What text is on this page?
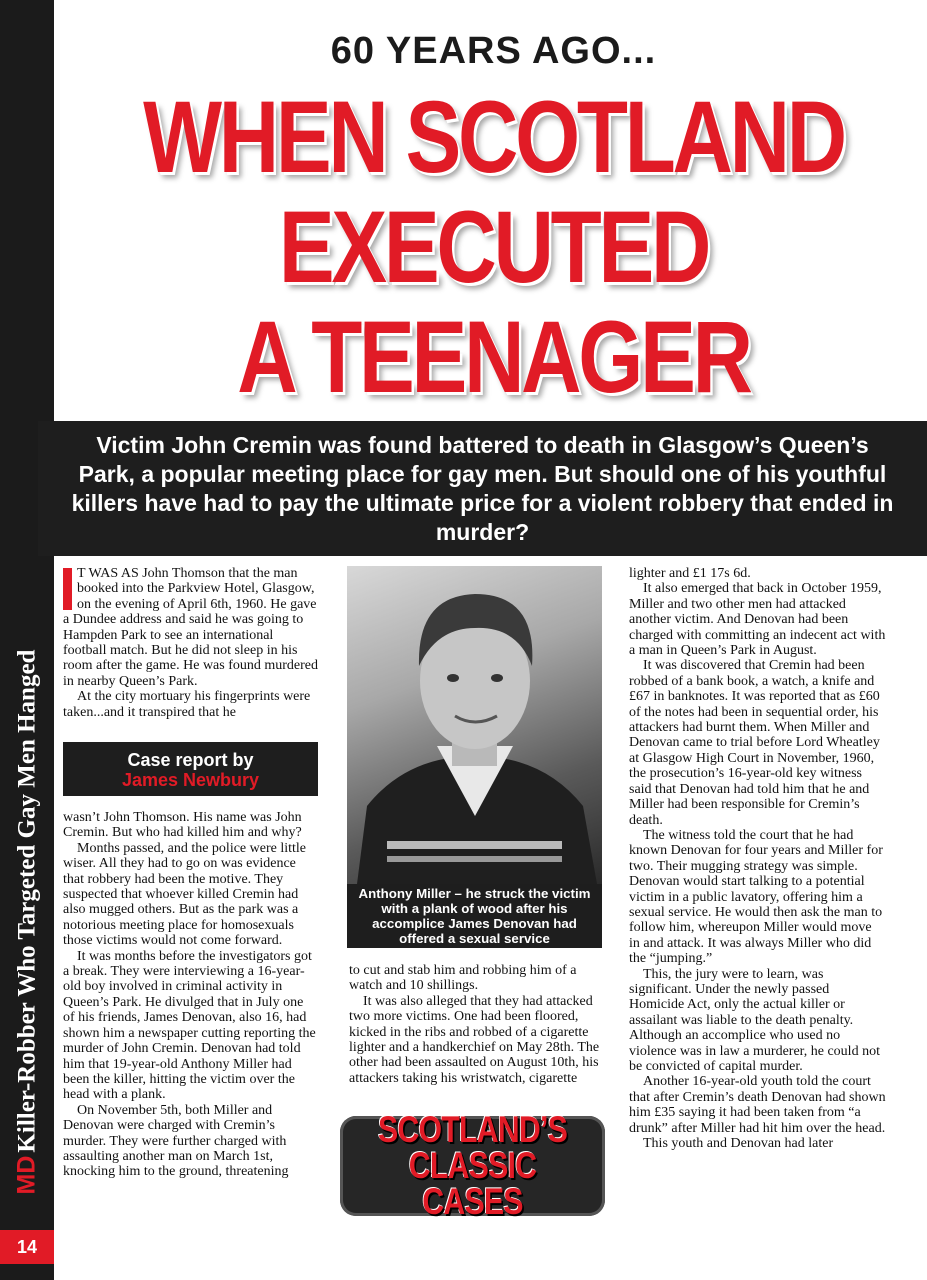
MDKiller-Robber Who Targeted Gay Men Hanged
14
60 YEARS AGO...
WHEN SCOTLAND
EXECUTED
A TEENAGER
Victim John Cremin was found battered to death in Glasgow’s Queen’s Park, a popular meeting place for gay men. But should one of his youthful killers have had to pay the ultimate price for a violent robbery that ended in murder?

T WAS AS John Thomson that the man booked into the Parkview Hotel, Glasgow, on the evening of April 6th, 1960. He gave a Dundee address and said he was going to Hampden Park to see an international football match. But he did not sleep in his room after the game. He was found murdered in nearby Queen’s Park.

At the city mortuary his fingerprints were taken...and it transpired that he

Case report by
James Newbury

wasn’t John Thomson. His name was John Cremin. But who had killed him and why?

Months passed, and the police were little wiser. All they had to go on was evidence that robbery had been the motive. They suspected that whoever killed Cremin had also mugged others. But as the park was a notorious meeting place for homosexuals those victims would not come forward.

It was months before the investigators got a break. They were interviewing a 16-year-old boy involved in criminal activity in Queen’s Park. He divulged that in July one of his friends, James Denovan, also 16, had shown him a newspaper cutting reporting the murder of John Cremin. Denovan had told him that 19-year-old Anthony Miller had been the killer, hitting the victim over the head with a plank.

On November 5th, both Miller and Denovan were charged with Cremin’s murder. They were further charged with assaulting another man on March 1st, knocking him to the ground, threatening

Anthony Miller – he struck the victim with a plank of wood after his accomplice James Denovan had offered a sexual service

to cut and stab him and robbing him of a watch and 10 shillings.

It was also alleged that they had attacked two more victims. One had been floored, kicked in the ribs and robbed of a cigarette lighter and a handkerchief on May 28th. The other had been assaulted on August 10th, his attackers taking his wristwatch, cigarette

SCOTLAND’S
CLASSIC CASES

lighter and £1 17s 6d.

It also emerged that back in October 1959, Miller and two other men had attacked another victim. And Denovan had been charged with committing an indecent act with a man in Queen’s Park in August.

It was discovered that Cremin had been robbed of a bank book, a watch, a knife and £67 in banknotes. It was reported that as £60 of the notes had been in sequential order, his attackers had burnt them. When Miller and Denovan came to trial before Lord Wheatley at Glasgow High Court in November, 1960, the prosecution’s 16-year-old key witness said that Denovan had told him that he and Miller had been responsible for Cremin’s death.

The witness told the court that he had known Denovan for four years and Miller for two. Their mugging strategy was simple. Denovan would start talking to a potential victim in a public lavatory, offering him a sexual service. He would then ask the man to follow him, whereupon Miller would move in and attack. It was always Miller who did the “jumping.”

This, the jury were to learn, was significant. Under the newly passed Homicide Act, only the actual killer or assailant was liable to the death penalty. Although an accomplice who used no violence was in law a murderer, he could not be convicted of capital murder.

Another 16-year-old youth told the court that after Cremin’s death Denovan had shown him £35 saying it had been taken from “a drunk” after Miller had hit him over the head.

This youth and Denovan had later
